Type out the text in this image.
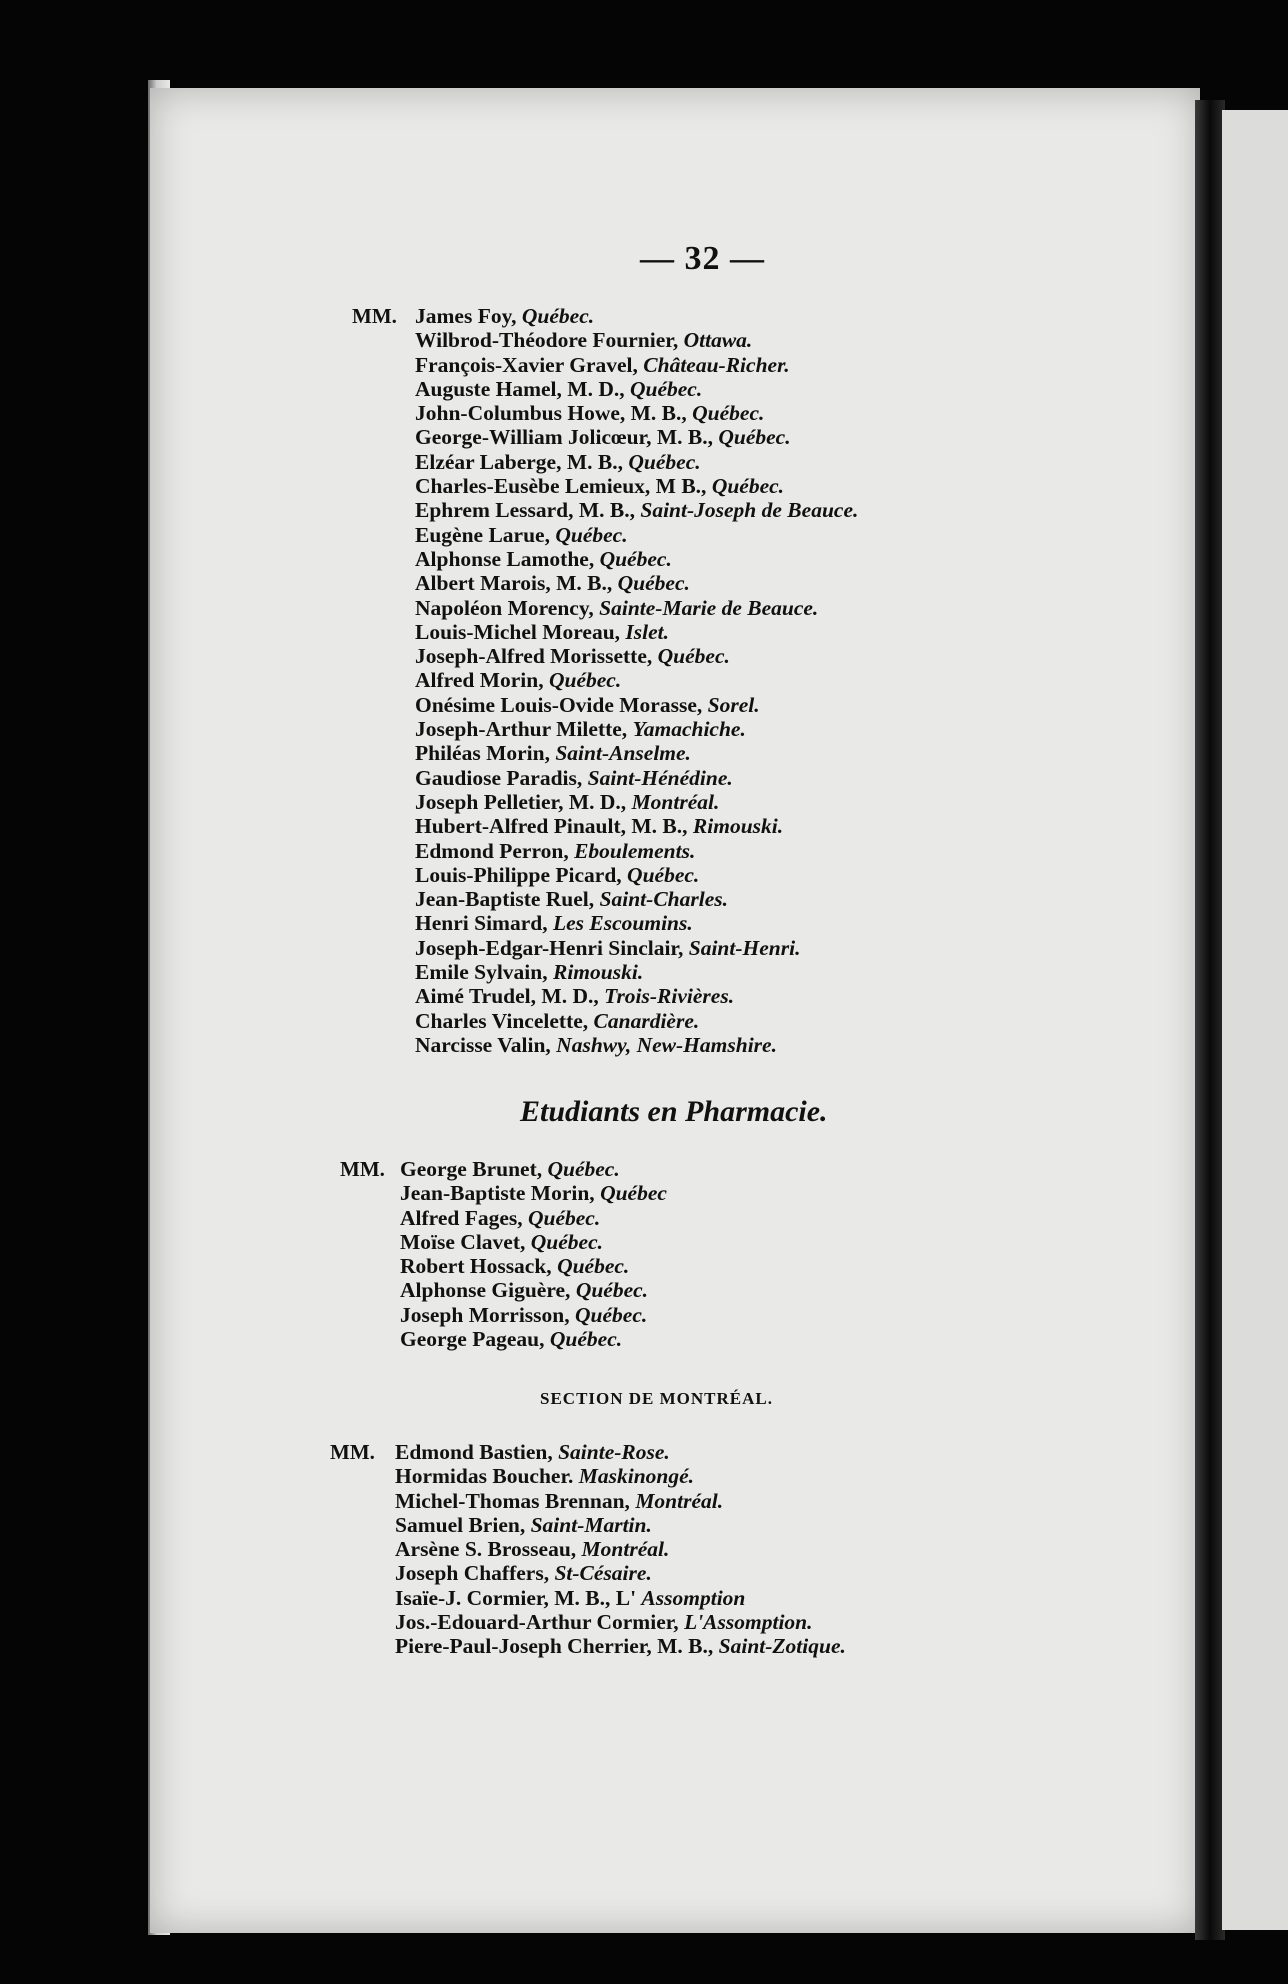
— 32 —
MM. James Foy, Québec.
Wilbrod-Théodore Fournier, Ottawa.
François-Xavier Gravel, Château-Richer.
Auguste Hamel, M. D., Québec.
John-Columbus Howe, M. B., Québec.
George-William Jolicœur, M. B., Québec.
Elzéar Laberge, M. B., Québec.
Charles-Eusèbe Lemieux, M B., Québec.
Ephrem Lessard, M. B., Saint-Joseph de Beauce.
Eugène Larue, Québec.
Alphonse Lamothe, Québec.
Albert Marois, M. B., Québec.
Napoléon Morency, Sainte-Marie de Beauce.
Louis-Michel Moreau, Islet.
Joseph-Alfred Morissette, Québec.
Alfred Morin, Québec.
Onésime Louis-Ovide Morasse, Sorel.
Joseph-Arthur Milette, Yamachiche.
Philéas Morin, Saint-Anselme.
Gaudiose Paradis, Saint-Hénédine.
Joseph Pelletier, M. D., Montréal.
Hubert-Alfred Pinault, M. B., Rimouski.
Edmond Perron, Eboulements.
Louis-Philippe Picard, Québec.
Jean-Baptiste Ruel, Saint-Charles.
Henri Simard, Les Escoumins.
Joseph-Edgar-Henri Sinclair, Saint-Henri.
Emile Sylvain, Rimouski.
Aimé Trudel, M. D., Trois-Rivières.
Charles Vincelette, Canardière.
Narcisse Valin, Nashwy, New-Hamshire.
Etudiants en Pharmacie.
MM. George Brunet, Québec.
Jean-Baptiste Morin, Québec
Alfred Fages, Québec.
Moïse Clavet, Québec.
Robert Hossack, Québec.
Alphonse Giguère, Québec.
Joseph Morrisson, Québec.
George Pageau, Québec.
SECTION DE MONTRÉAL.
MM. Edmond Bastien, Sainte-Rose.
Hormidas Boucher. Maskinongé.
Michel-Thomas Brennan, Montréal.
Samuel Brien, Saint-Martin.
Arsène S. Brosseau, Montréal.
Joseph Chaffers, St-Césaire.
Isaïe-J. Cormier, M. B., L' Assomption
Jos.-Edouard-Arthur Cormier, L'Assomption.
Piere-Paul-Joseph Cherrier, M. B., Saint-Zotique.
